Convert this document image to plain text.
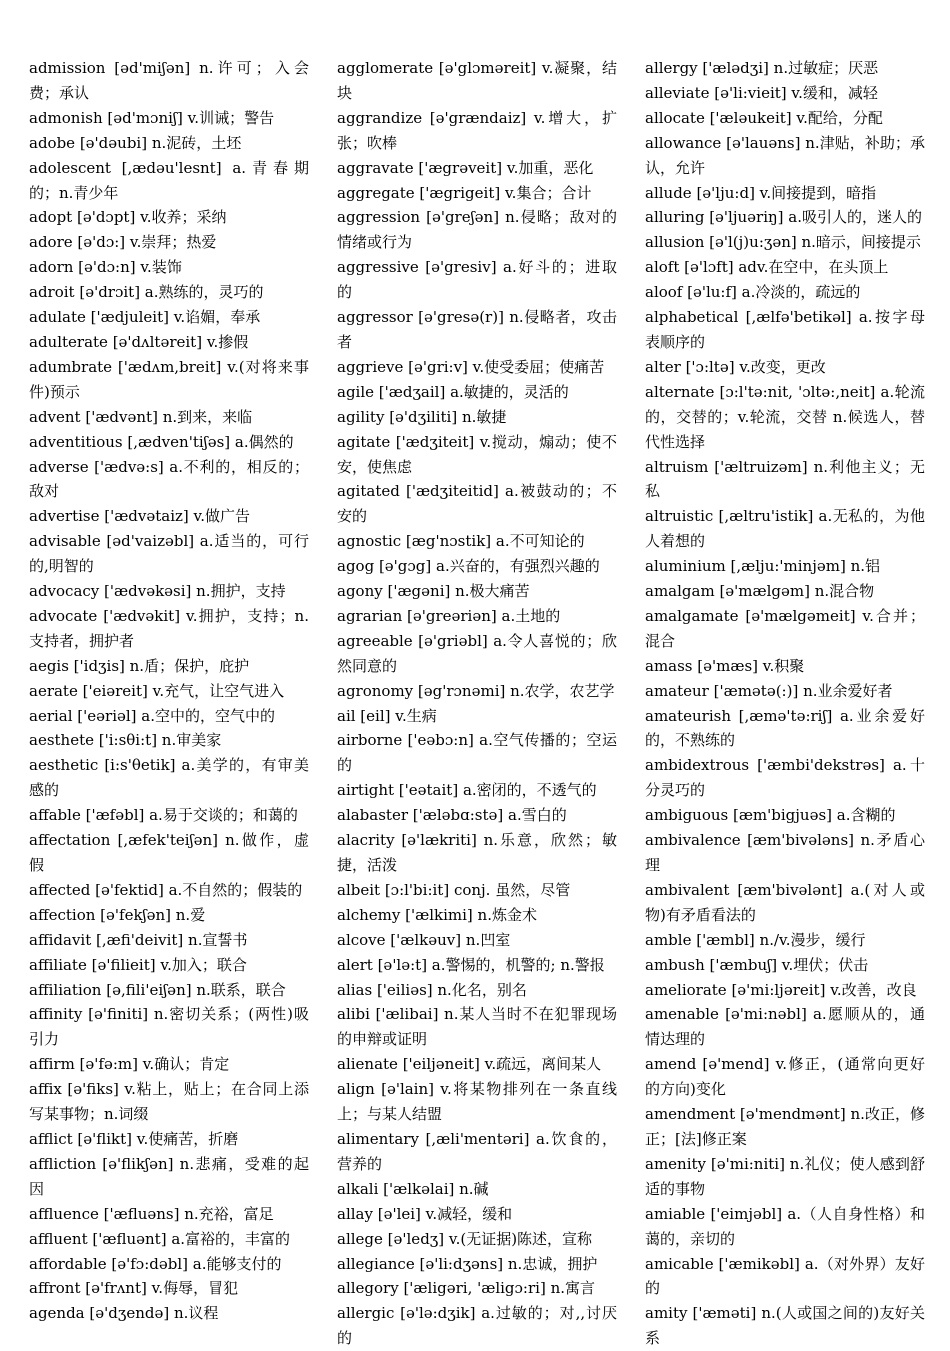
admission [əd'miʃən] n.许可；入会费；承认

admonish [əd'mɔniʃ] v.训诫；警告

adobe [ə'dəubi] n.泥砖，土坯

adolescent [,ædəu'lesnt] a.青春期的；n.青少年

adopt [ə'dɔpt] v.收养；采纳

adore [ə'dɔ:] v.崇拜；热爱

adorn [ə'dɔ:n] v.装饰

adroit [ə'drɔit] a.熟练的，灵巧的

adulate ['ædjuleit] v.谄媚，奉承

adulterate [ə'dʌltəreit] v.掺假

adumbrate ['ædʌm,breit] v.(对将来事件)预示

advent ['ædvənt] n.到来，来临

adventitious [,ædven'tiʃəs] a.偶然的

adverse ['ædvə:s] a.不利的，相反的；敌对

advertise ['ædvətaiz] v.做广告

advisable [əd'vaizəbl] a.适当的，可行的,明智的

advocacy ['ædvəkəsi] n.拥护，支持

advocate ['ædvəkit] v.拥护，支持；n.支持者，拥护者

aegis ['idʒis] n.盾；保护，庇护

aerate ['eiəreit] v.充气，让空气进入

aerial ['eəriəl] a.空中的，空气中的

aesthete ['i:sθi:t] n.审美家

aesthetic [i:s'θetik] a.美学的，有审美感的

affable ['æfəbl] a.易于交谈的；和蔼的

affectation [,æfek'teiʃən] n.做作，虚假

affected [ə'fektid] a.不自然的；假装的

affection [ə'fekʃən] n.爱

affidavit [,æfi'deivit] n.宣誓书

affiliate [ə'filieit] v.加入；联合

affiliation [ə,fili'eiʃən] n.联系，联合

affinity [ə'finiti] n.密切关系；(两性)吸引力

affirm [ə'fə:m] v.确认；肯定

affix [ə'fiks] v.粘上，贴上；在合同上添写某事物；n.词缀

afflict [ə'flikt] v.使痛苦，折磨

affliction [ə'flikʃən] n.悲痛，受难的起因

affluence ['æfluəns] n.充裕，富足

affluent ['æfluənt] a.富裕的，丰富的

affordable [ə'fɔ:dəbl] a.能够支付的

affront [ə'frʌnt] v.侮辱，冒犯

agenda [ə'dʒendə] n.议程

agglomerate [ə'glɔməreit] v.凝聚，结块

aggrandize [ə'grændaiz] v.增大，扩张；吹棒

aggravate ['ægrəveit] v.加重，恶化

aggregate ['ægrigeit] v.集合；合计

aggression [ə'greʃən] n.侵略；敌对的情绪或行为

aggressive [ə'gresiv] a.好斗的；进取的

aggressor [ə'gresə(r)] n.侵略者，攻击者

aggrieve [ə'gri:v] v.使受委屈；使痛苦

agile ['ædʒail] a.敏捷的，灵活的

agility [ə'dʒiliti] n.敏捷

agitate ['ædʒiteit] v.搅动，煽动；使不安，使焦虑

agitated ['ædʒiteitid] a.被鼓动的；不安的

agnostic [æg'nɔstik] a.不可知论的

agog [ə'gɔg] a.兴奋的，有强烈兴趣的

agony ['ægəni] n.极大痛苦

agrarian [ə'greəriən] a.土地的

agreeable [ə'griəbl] a.令人喜悦的；欣然同意的

agronomy [əg'rɔnəmi] n.农学，农艺学

ail [eil] v.生病

airborne ['eəbɔ:n] a.空气传播的；空运的

airtight ['eətait] a.密闭的，不透气的

alabaster ['æləbɑ:stə] a.雪白的

alacrity [ə'lækriti] n.乐意，欣然；敏捷，活泼

albeit [ɔ:l'bi:it] conj. 虽然，尽管

alchemy ['ælkimi] n.炼金术

alcove ['ælkəuv] n.凹室

alert [ə'lə:t] a.警惕的，机警的; n.警报

alias ['eiliəs] n.化名，别名

alibi ['ælibai] n.某人当时不在犯罪现场的申辩或证明

alienate ['eiljəneit] v.疏远，离间某人

align [ə'lain] v.将某物排列在一条直线上；与某人结盟

alimentary [,æli'mentəri] a.饮食的，营养的

alkali ['ælkəlai] n.碱

allay [ə'lei] v.减轻，缓和

allege [ə'ledʒ] v.(无证据)陈述，宣称

allegiance [ə'li:dʒəns] n.忠诚，拥护

allegory ['æligəri, 'æligɔ:ri] n.寓言

allergic [ə'lə:dʒik] a.过敏的；对,,讨厌的

allergy ['ælədʒi] n.过敏症；厌恶

alleviate [ə'li:vieit] v.缓和，减轻

allocate ['æləukeit] v.配给，分配

allowance [ə'lauəns] n.津贴，补助；承认，允许

allude [ə'lju:d] v.间接提到，暗指

alluring [ə'ljuəriŋ] a.吸引人的，迷人的

allusion [ə'l(j)u:ʒən] n.暗示，间接提示

aloft [ə'lɔft] adv.在空中，在头顶上

aloof [ə'lu:f] a.冷淡的，疏远的

alphabetical [,ælfə'betikəl] a.按字母表顺序的

alter ['ɔ:ltə] v.改变，更改

alternate [ɔ:l'tə:nit, 'ɔltə:,neit] a.轮流的，交替的；v.轮流，交替 n.候选人，替代性选择

altruism ['æltruizəm] n.利他主义；无私

altruistic [,æltru'istik] a.无私的，为他人着想的

aluminium [,ælju:'minjəm] n.铝

amalgam [ə'mælgəm] n.混合物

amalgamate [ə'mælgəmeit] v.合并；混合

amass [ə'mæs] v.积聚

amateur ['æmətə(:)] n.业余爱好者

amateurish [,æmə'tə:riʃ] a.业余爱好的，不熟练的

ambidextrous ['æmbi'dekstrəs] a.十分灵巧的

ambiguous [æm'bigjuəs] a.含糊的

ambivalence [æm'bivələns] n.矛盾心理

ambivalent [æm'bivələnt] a.(对人或物)有矛盾看法的

amble ['æmbl] n./v.漫步，缓行

ambush ['æmbuʃ] v.埋伏；伏击

ameliorate [ə'mi:ljəreit] v.改善，改良

amenable [ə'mi:nəbl] a.愿顺从的，通情达理的

amend [ə'mend] v.修正，(通常向更好的方向)变化

amendment [ə'mendmənt] n.改正，修正；[法]修正案

amenity [ə'mi:niti] n.礼仪；使人感到舒适的事物

amiable ['eimjəbl] a.（人自身性格）和蔼的，亲切的

amicable ['æmikəbl] a.（对外界）友好的

amity ['æməti] n.(人或国之间的)友好关系
